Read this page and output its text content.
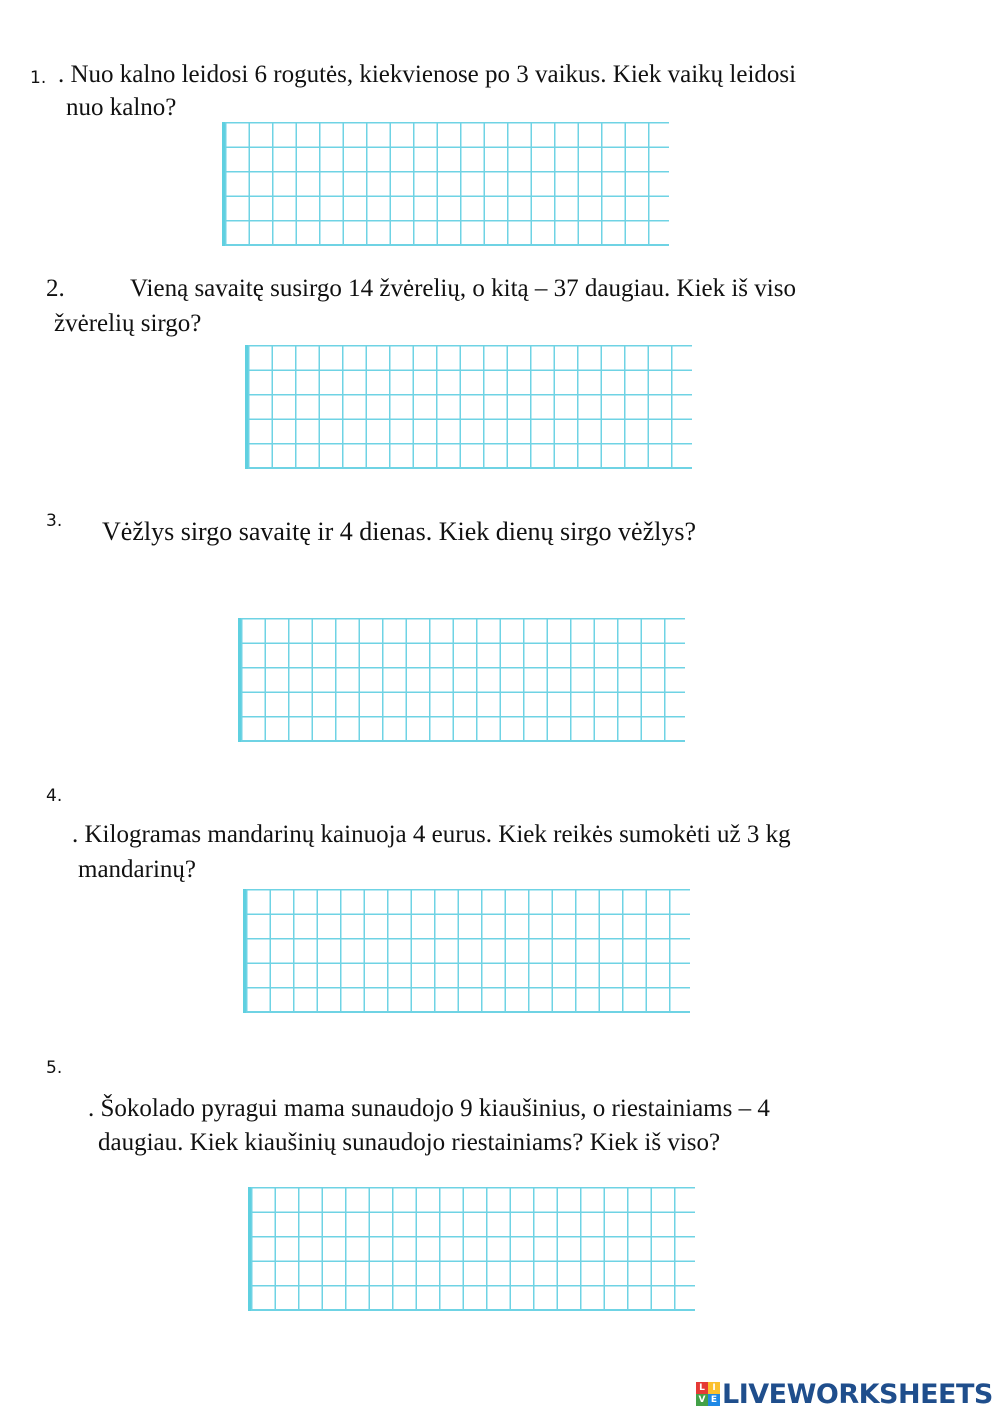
1. . Nuo kalno leidosi 6 rogutės, kiekvienose po 3 vaikus. Kiek vaikų leidosi
nuo kalno?
2.	Vieną savaitę susirgo 14 žvėrelių, o kitą – 37 daugiau. Kiek iš viso
žvėrelių sirgo?
3. Vėžlys sirgo savaitę ir 4 dienas. Kiek dienų sirgo vėžlys?
4.
. Kilogramas mandarinų kainuoja 4 eurus. Kiek reikės sumokėti už 3 kg
mandarinų?
5.
. Šokolado pyragui mama sunaudojo 9 kiaušinius, o riestainiams – 4
daugiau. Kiek kiaušinių sunaudojo riestainiams? Kiek iš viso?
L I
V E LIVEWORKSHEETS
